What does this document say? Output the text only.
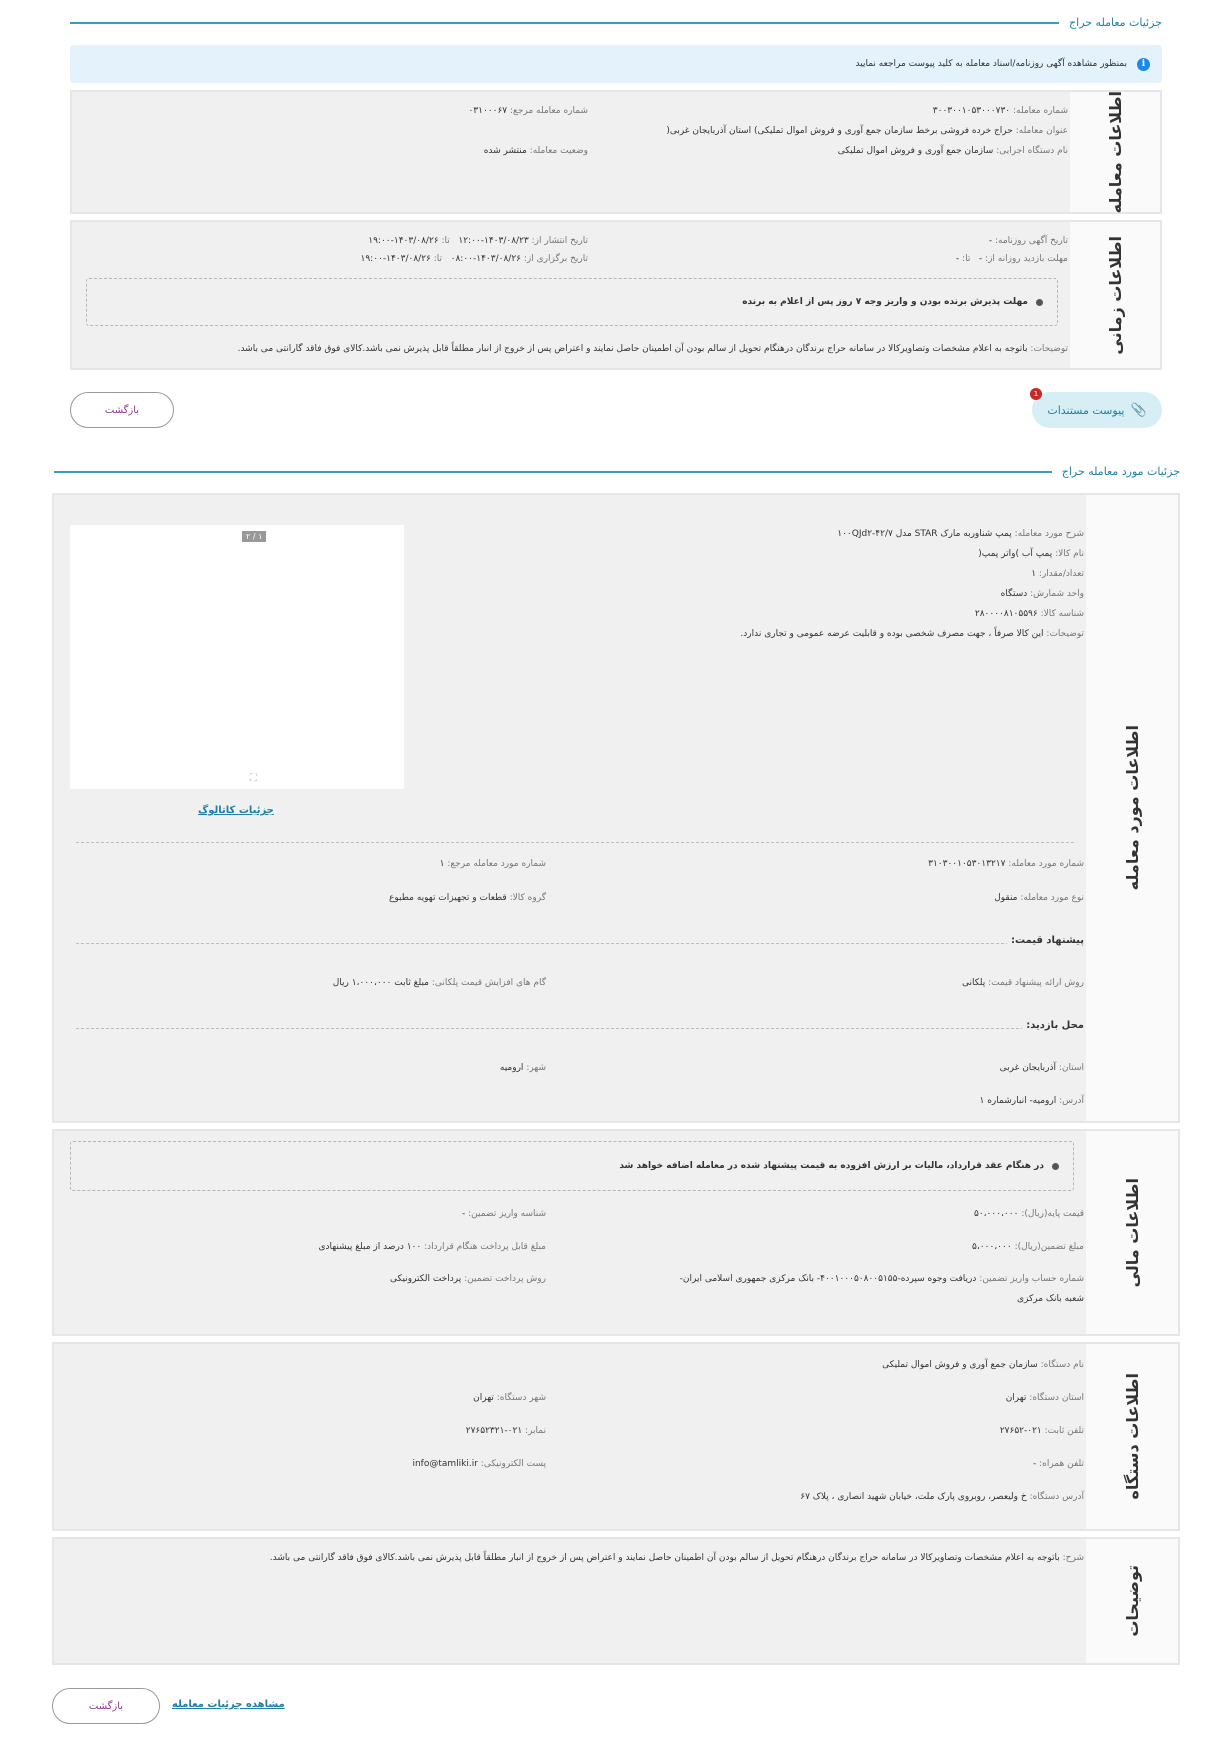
جزئیات معامله حراج
i
بمنظور مشاهده آگهی روزنامه/اسناد معامله به کلید پیوست مراجعه نمایید
اطلاعات معامله
شماره معامله: ۳۰۰۳۰۰۱۰۵۳۰۰۰۷۳۰
شماره معامله مرجع: ۰۳۱۰۰۰۶۷
عنوان معامله: حراج خرده فروشی برخط سازمان جمع آوری و فروش اموال تملیکی) استان آذربایجان غربی(
نام دستگاه اجرایی: سازمان جمع آوری و فروش اموال تملیکی
وضعیت معامله: منتشر شده
اطلاعات زمانی
تاریخ آگهی روزنامه: -
تاریخ انتشار از: ۱۴۰۳/۰۸/۲۳-۱۲:۰۰   تا: ۱۴۰۳/۰۸/۲۶-۱۹:۰۰
مهلت بازدید روزانه از: -   تا: -
تاریخ برگزاری از: ۱۴۰۳/۰۸/۲۶-۰۸:۰۰   تا: ۱۴۰۳/۰۸/۲۶-۱۹:۰۰
مهلت پذیرش برنده بودن و واریز وجه ۷ روز پس از اعلام به برنده
توضیحات: باتوجه به اعلام مشخصات وتصاویرکالا در سامانه حراج برندگان درهنگام تحویل از سالم بودن آن اطمینان حاصل نمایند و اعتراض پس از خروج از انبار مطلقاً قابل پذیرش نمی باشد.کالای فوق فاقد گارانتی می باشد.
📎
پیوست مستندات
1
بازگشت
جزئیات مورد معامله حراج
اطلاعات مورد معامله
شرح مورد معامله: پمپ شناوربه مارک STAR مدل ۱۰۰QJd۲-۴۲/۷
نام کالا: پمپ آب )واتر پمپ(
تعداد/مقدار: ۱
واحد شمارش: دستگاه
شناسه کالا: ۲۸۰۰۰۰۸۱۰۵۵۹۶
توضیحات: این کالا صرفاً ، جهت مصرف شخصی بوده و قابلیت عرضه عمومی و تجاری ندارد.
۲ / ۱
⛶
جزئیات کاتالوگ
شماره مورد معامله: ۳۱۰۳۰۰۱۰۵۳۰۱۳۲۱۷
شماره مورد معامله مرجع: ۱
نوع مورد معامله: منقول
گروه کالا: قطعات و تجهیزات تهویه مطبوع
پیشنهاد قیمت:
روش ارائه پیشنهاد قیمت: پلکانی
گام های افزایش قیمت پلکانی: مبلغ ثابت ۱،۰۰۰،۰۰۰ ریال
محل بازدید:
استان: آذربایجان غربی
شهر: ارومیه
آدرس: ارومیه- انبارشماره ۱
اطلاعات مالی
در هنگام عقد قرارداد، مالیات بر ارزش افزوده به قیمت پیشنهاد شده در معامله اضافه خواهد شد
قیمت پایه(ریال): ۵۰،۰۰۰،۰۰۰
شناسه واریز تضمین: -
مبلغ تضمین(ریال): ۵،۰۰۰،۰۰۰
مبلغ قابل پرداخت هنگام قرارداد: ۱۰۰ درصد از مبلغ پیشنهادی
شماره حساب واریز تضمین: دریافت وجوه سپرده-۴۰۰۱۰۰۰۵۰۸۰۰۵۱۵۵- بانک مرکزی جمهوری اسلامی ایران-
شعبه بانک مرکزی
روش پرداخت تضمین: پرداخت الکترونیکی
اطلاعات دستگاه
نام دستگاه: سازمان جمع آوری و فروش اموال تملیکی
استان دستگاه: تهران
شهر دستگاه: تهران
تلفن ثابت: ۰۲۱-۲۷۶۵۲
نمابر: ۰۲۱-۲۷۶۵۲۳۲۱
تلفن همراه: -
پست الکترونیکی: info@tamliki.ir
آدرس دستگاه: خ ولیعصر، روبروی پارک ملت، خیابان شهید انصاری ، پلاک ۶۷
توضیحات
شرح: باتوجه به اعلام مشخصات وتصاویرکالا در سامانه حراج برندگان درهنگام تحویل از سالم بودن آن اطمینان حاصل نمایند و اعتراض پس از خروج از انبار مطلقاً قابل پذیرش نمی باشد.کالای فوق فاقد گارانتی می باشد.
بازگشت	مشاهده جزئیات معامله
